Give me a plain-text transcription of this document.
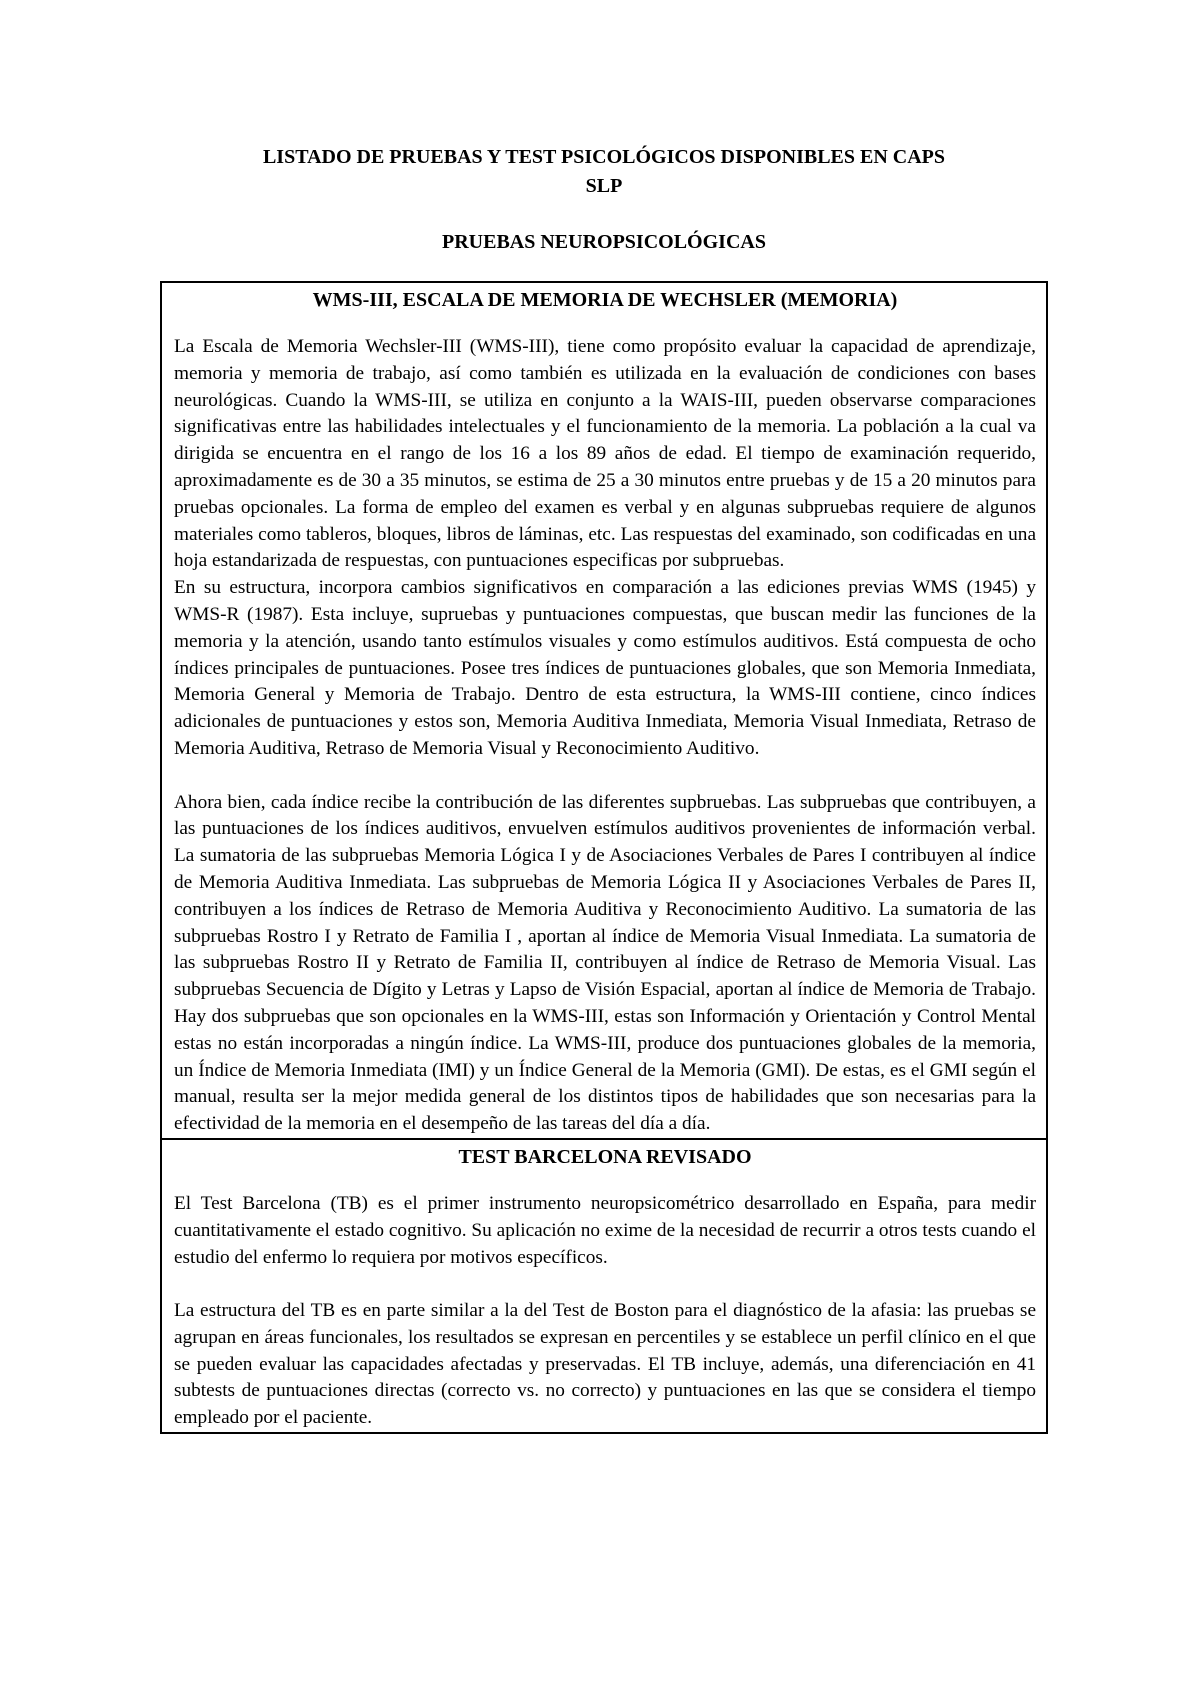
LISTADO DE PRUEBAS Y TEST PSICOLÓGICOS DISPONIBLES EN CAPS
SLP
PRUEBAS NEUROPSICOLÓGICAS
WMS-III, ESCALA DE MEMORIA DE WECHSLER (MEMORIA)

La Escala de Memoria Wechsler-III (WMS-III), tiene como propósito evaluar la capacidad de aprendizaje, memoria y memoria de trabajo, así como también es utilizada en la evaluación de condiciones con bases neurológicas. Cuando la WMS-III, se utiliza en conjunto a la WAIS-III, pueden observarse comparaciones significativas entre las habilidades intelectuales y el funcionamiento de la memoria. La población a la cual va dirigida se encuentra en el rango de los 16 a los 89 años de edad. El tiempo de examinación requerido, aproximadamente es de 30 a 35 minutos, se estima de 25 a 30 minutos entre pruebas y de 15 a 20 minutos para pruebas opcionales. La forma de empleo del examen es verbal y en algunas subpruebas requiere de algunos materiales como tableros, bloques, libros de láminas, etc. Las respuestas del examinado, son codificadas en una hoja estandarizada de respuestas, con puntuaciones especificas por subpruebas.

En su estructura, incorpora cambios significativos en comparación a las ediciones previas WMS (1945) y WMS-R (1987). Esta incluye, supruebas y puntuaciones compuestas, que buscan medir las funciones de la memoria y la atención, usando tanto estímulos visuales y como estímulos auditivos. Está compuesta de ocho índices principales de puntuaciones. Posee tres índices de puntuaciones globales, que son Memoria Inmediata, Memoria General y Memoria de Trabajo. Dentro de esta estructura, la WMS-III contiene, cinco índices adicionales de puntuaciones y estos son, Memoria Auditiva Inmediata, Memoria Visual Inmediata, Retraso de Memoria Auditiva, Retraso de Memoria Visual y Reconocimiento Auditivo.

Ahora bien, cada índice recibe la contribución de las diferentes supbruebas. Las subpruebas que contribuyen, a las puntuaciones de los índices auditivos, envuelven estímulos auditivos provenientes de información verbal. La sumatoria de las subpruebas Memoria Lógica I y de Asociaciones Verbales de Pares I contribuyen al índice de Memoria Auditiva Inmediata. Las subpruebas de Memoria Lógica II y Asociaciones Verbales de Pares II, contribuyen a los índices de Retraso de Memoria Auditiva y Reconocimiento Auditivo. La sumatoria de las subpruebas Rostro I y Retrato de Familia I , aportan al índice de Memoria Visual Inmediata. La sumatoria de las subpruebas Rostro II y Retrato de Familia II, contribuyen al índice de Retraso de Memoria Visual. Las subpruebas Secuencia de Dígito y Letras y Lapso de Visión Espacial, aportan al índice de Memoria de Trabajo. Hay dos subpruebas que son opcionales en la WMS-III, estas son Información y Orientación y Control Mental estas no están incorporadas a ningún índice. La WMS-III, produce dos puntuaciones globales de la memoria, un Índice de Memoria Inmediata (IMI) y un Índice General de la Memoria (GMI). De estas, es el GMI según el manual, resulta ser la mejor medida general de los distintos tipos de habilidades que son necesarias para la efectividad de la memoria en el desempeño de las tareas del día a día.

TEST BARCELONA REVISADO

El Test Barcelona (TB) es el primer instrumento neuropsicométrico desarrollado en España, para medir cuantitativamente el estado cognitivo. Su aplicación no exime de la necesidad de recurrir a otros tests cuando el estudio del enfermo lo requiera por motivos específicos.

La estructura del TB es en parte similar a la del Test de Boston para el diagnóstico de la afasia: las pruebas se agrupan en áreas funcionales, los resultados se expresan en percentiles y se establece un perfil clínico en el que se pueden evaluar las capacidades afectadas y preservadas. El TB incluye, además, una diferenciación en 41 subtests de puntuaciones directas (correcto vs. no correcto) y puntuaciones en las que se considera el tiempo empleado por el paciente.
